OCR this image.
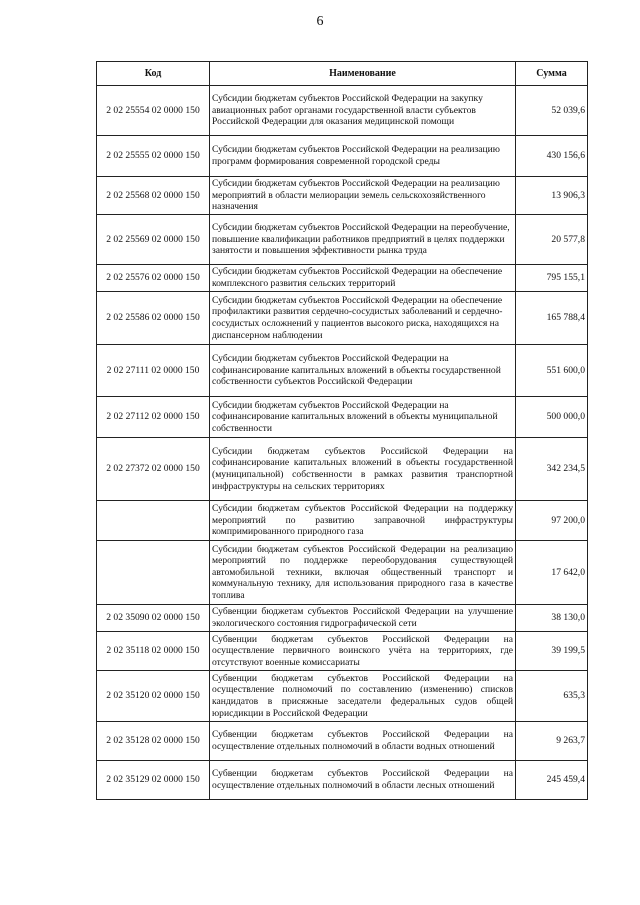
6
Код	Наименование	Сумма
2 02 25554 02 0000 150	Субсидии бюджетам субъектов Российской Федерации на закупку авиационных работ органами государственной власти субъектов Российской Федерации для оказания медицинской помощи	52 039,6
2 02 25555 02 0000 150	Субсидии бюджетам субъектов Российской Федерации на реализацию программ формирования современной городской среды	430 156,6
2 02 25568 02 0000 150	Субсидии бюджетам субъектов Российской Федерации на реализацию мероприятий в области мелиорации земель сельскохозяйственного назначения	13 906,3
2 02 25569 02 0000 150	Субсидии бюджетам субъектов Российской Федерации на переобучение, повышение квалификации работников предприятий в целях поддержки занятости и повышения эффективности рынка труда	20 577,8
2 02 25576 02 0000 150	Субсидии бюджетам субъектов Российской Федерации на обеспечение комплексного развития сельских территорий	795 155,1
2 02 25586 02 0000 150	Субсидии бюджетам субъектов Российской Федерации на обеспечение профилактики развития сердечно-сосудистых заболеваний и сердечно-сосудистых осложнений у пациентов высокого риска, находящихся на диспансерном наблюдении	165 788,4
2 02 27111 02 0000 150	Субсидии бюджетам субъектов Российской Федерации на софинансирование капитальных вложений в объекты государственной собственности субъектов Российской Федерации	551 600,0
2 02 27112 02 0000 150	Субсидии бюджетам субъектов Российской Федерации на софинансирование капитальных вложений в объекты муниципальной собственности	500 000,0
2 02 27372 02 0000 150	Субсидии бюджетам субъектов Российской Федерации на софинансирование капитальных вложений в объекты государственной (муниципальной) собственности в рамках развития транспортной инфраструктуры на сельских территориях	342 234,5
	Субсидии бюджетам субъектов Российской Федерации на поддержку мероприятий по развитию заправочной инфраструктуры компримированного природного газа	97 200,0
	Субсидии бюджетам субъектов Российской Федерации на реализацию мероприятий по поддержке переоборудования существующей автомобильной техники, включая общественный транспорт и коммунальную технику, для использования природного газа в качестве топлива	17 642,0
2 02 35090 02 0000 150	Субвенции бюджетам субъектов Российской Федерации на улучшение экологического состояния гидрографической сети	38 130,0
2 02 35118 02 0000 150	Субвенции бюджетам субъектов Российской Федерации на осуществление первичного воинского учёта на территориях, где отсутствуют военные комиссариаты	39 199,5
2 02 35120 02 0000 150	Субвенции бюджетам субъектов Российской Федерации на осуществление полномочий по составлению (изменению) списков кандидатов в присяжные заседатели федеральных судов общей юрисдикции в Российской Федерации	635,3
2 02 35128 02 0000 150	Субвенции бюджетам субъектов Российской Федерации на осуществление отдельных полномочий в области водных отношений	9 263,7
2 02 35129 02 0000 150	Субвенции бюджетам субъектов Российской Федерации на осуществление отдельных полномочий в области лесных отношений	245 459,4
